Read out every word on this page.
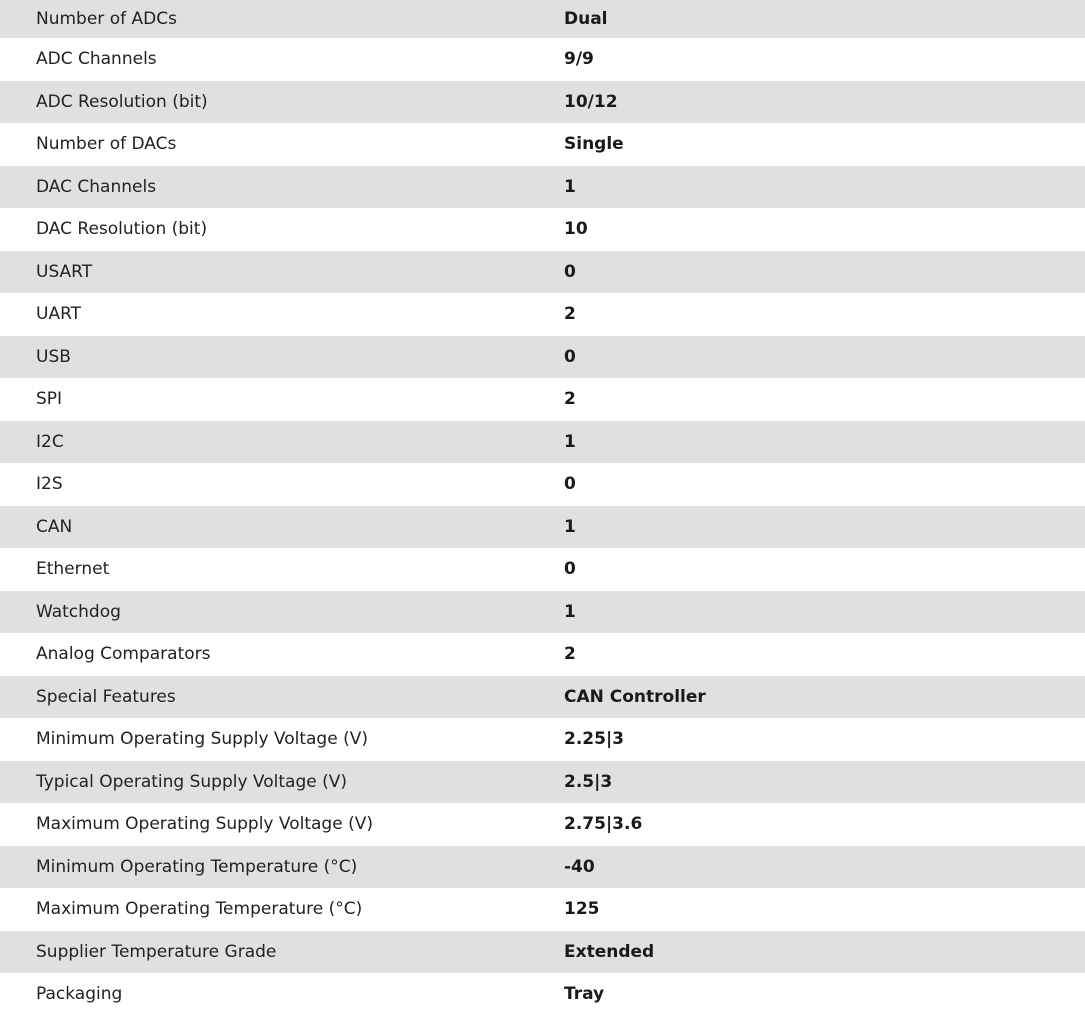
Number of ADCs	Dual
ADC Channels	9/9
ADC Resolution (bit)	10/12
Number of DACs	Single
DAC Channels	1
DAC Resolution (bit)	10
USART	0
UART	2
USB	0
SPI	2
I2C	1
I2S	0
CAN	1
Ethernet	0
Watchdog	1
Analog Comparators	2
Special Features	CAN Controller
Minimum Operating Supply Voltage (V)	2.25|3
Typical Operating Supply Voltage (V)	2.5|3
Maximum Operating Supply Voltage (V)	2.75|3.6
Minimum Operating Temperature (°C)	-40
Maximum Operating Temperature (°C)	125
Supplier Temperature Grade	Extended
Packaging	Tray
